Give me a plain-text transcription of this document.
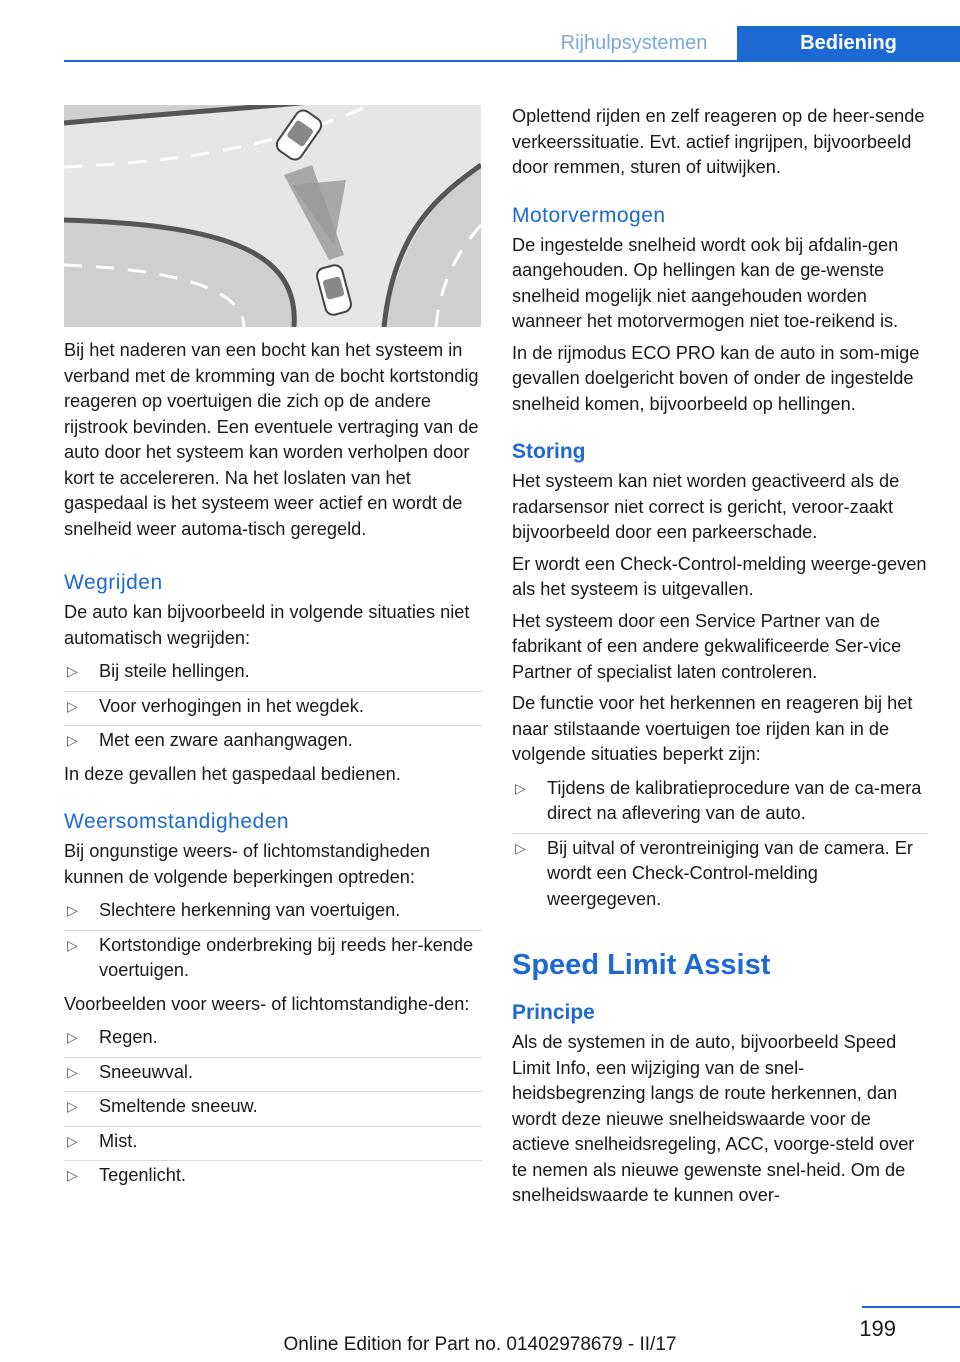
Rijhulpsystemen	Bediening

Bij het naderen van een bocht kan het systeem in verband met de kromming van de bocht kortstondig reageren op voertuigen die zich op de andere rijstrook bevinden. Een eventuele vertraging van de auto door het systeem kan worden verholpen door kort te accelereren. Na het loslaten van het gaspedaal is het systeem weer actief en wordt de snelheid weer automa‐tisch geregeld.

Wegrijden

De auto kan bijvoorbeeld in volgende situaties niet automatisch wegrijden:

▷ Bij steile hellingen.
▷ Voor verhogingen in het wegdek.
▷ Met een zware aanhangwagen.

In deze gevallen het gaspedaal bedienen.

Weersomstandigheden

Bij ongunstige weers- of lichtomstandigheden kunnen de volgende beperkingen optreden:

▷ Slechtere herkenning van voertuigen.
▷ Kortstondige onderbreking bij reeds her‐kende voertuigen.

Voorbeelden voor weers- of lichtomstandighe‐den:

▷ Regen.
▷ Sneeuwval.
▷ Smeltende sneeuw.
▷ Mist.
▷ Tegenlicht.

Oplettend rijden en zelf reageren op de heer‐sende verkeerssituatie. Evt. actief ingrijpen, bijvoorbeeld door remmen, sturen of uitwijken.

Motorvermogen

De ingestelde snelheid wordt ook bij afdalin‐gen aangehouden. Op hellingen kan de ge‐wenste snelheid mogelijk niet aangehouden worden wanneer het motorvermogen niet toe‐reikend is.

In de rijmodus ECO PRO kan de auto in som‐mige gevallen doelgericht boven of onder de ingestelde snelheid komen, bijvoorbeeld op hellingen.

Storing

Het systeem kan niet worden geactiveerd als de radarsensor niet correct is gericht, veroor‐zaakt bijvoorbeeld door een parkeerschade.

Er wordt een Check-Control-melding weerge‐geven als het systeem is uitgevallen.

Het systeem door een Service Partner van de fabrikant of een andere gekwalificeerde Ser‐vice Partner of specialist laten controleren.

De functie voor het herkennen en reageren bij het naar stilstaande voertuigen toe rijden kan in de volgende situaties beperkt zijn:

▷ Tijdens de kalibratieprocedure van de ca‐mera direct na aflevering van de auto.
▷ Bij uitval of verontreiniging van de camera. Er wordt een Check-Control-melding weergegeven.
Speed Limit Assist
Principe

Als de systemen in de auto, bijvoorbeeld Speed Limit Info, een wijziging van de snel‐heidsbegrenzing langs de route herkennen, dan wordt deze nieuwe snelheidswaarde voor de actieve snelheidsregeling, ACC, voorge‐steld over te nemen als nieuwe gewenste snel‐heid. Om de snelheidswaarde te kunnen over‐

199
Online Edition for Part no. 01402978679 - II/17
